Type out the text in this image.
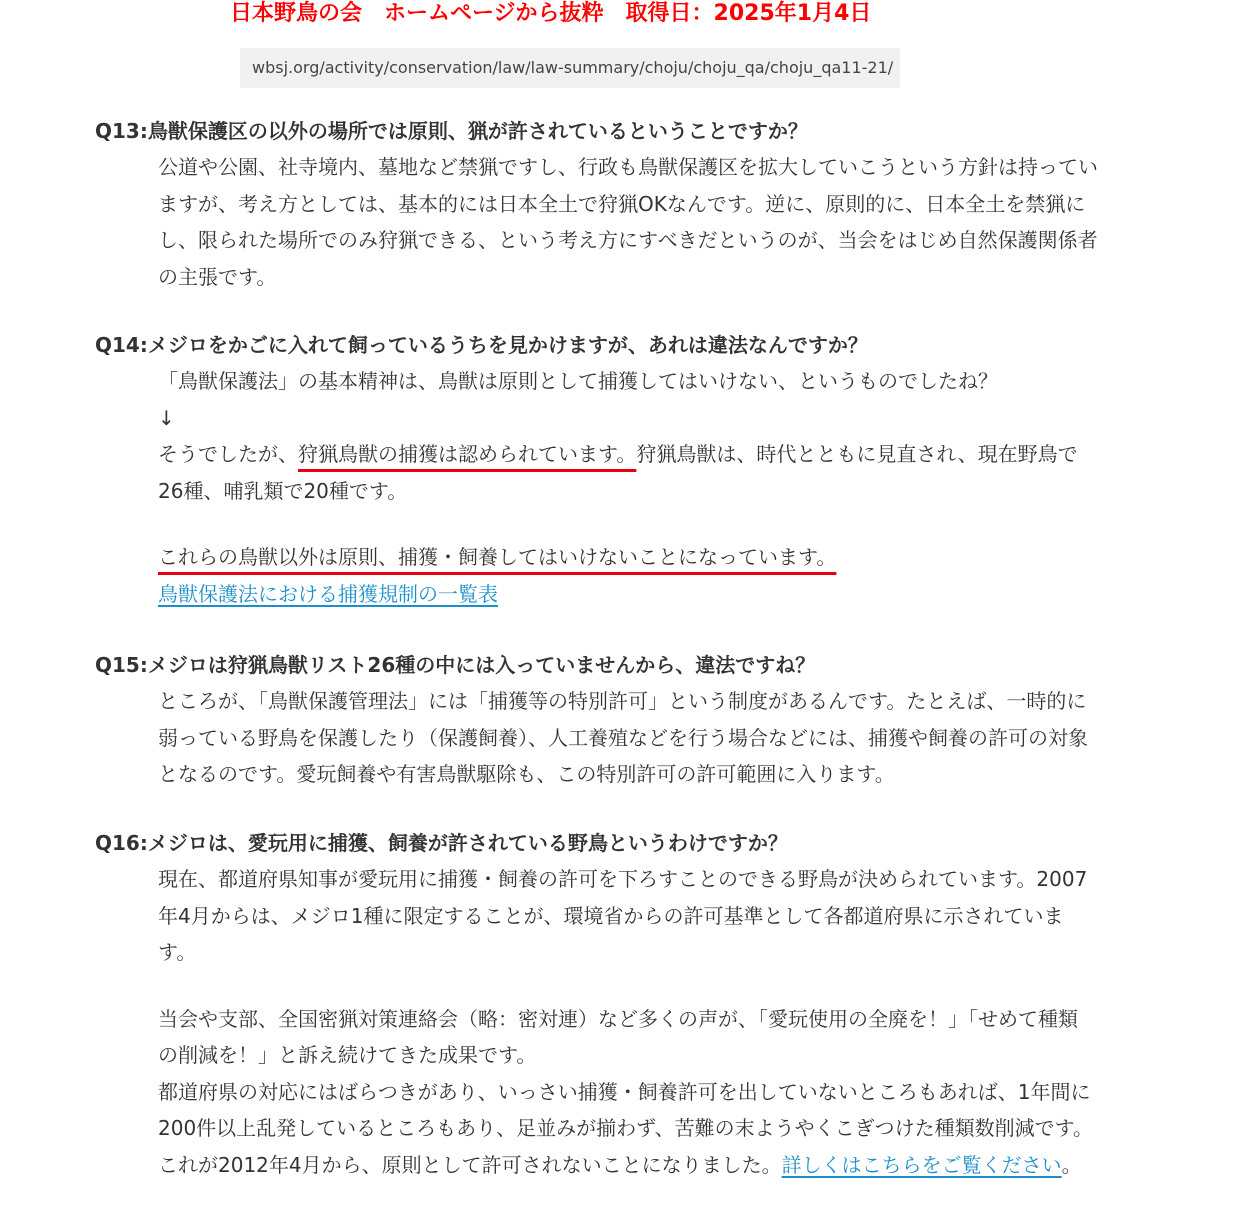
日本野鳥の会　ホームページから抜粋　取得日：2025年1月4日
wbsj.org/activity/conservation/law/law-summary/choju/choju_qa/choju_qa11-21/
Q13:鳥獣保護区の以外の場所では原則、猟が許されているということですか？
公道や公園、社寺境内、墓地など禁猟ですし、行政も鳥獣保護区を拡大していこうという方針は持ってい
ますが、考え方としては、基本的には日本全土で狩猟OKなんです。逆に、原則的に、日本全土を禁猟に
し、限られた場所でのみ狩猟できる、という考え方にすべきだというのが、当会をはじめ自然保護関係者
の主張です。
Q14:メジロをかごに入れて飼っているうちを見かけますが、あれは違法なんですか？
「鳥獣保護法」の基本精神は、鳥獣は原則として捕獲してはいけない、というものでしたね？
↓
そうでしたが、狩猟鳥獣の捕獲は認められています。狩猟鳥獣は、時代とともに見直され、現在野鳥で
26種、哺乳類で20種です。
これらの鳥獣以外は原則、捕獲・飼養してはいけないことになっています。
鳥獣保護法における捕獲規制の一覧表
Q15:メジロは狩猟鳥獣リスト26種の中には入っていませんから、違法ですね？
ところが、「鳥獣保護管理法」には「捕獲等の特別許可」という制度があるんです。たとえば、一時的に
弱っている野鳥を保護したり（保護飼養）、人工養殖などを行う場合などには、捕獲や飼養の許可の対象
となるのです。愛玩飼養や有害鳥獣駆除も、この特別許可の許可範囲に入ります。
Q16:メジロは、愛玩用に捕獲、飼養が許されている野鳥というわけですか？
現在、都道府県知事が愛玩用に捕獲・飼養の許可を下ろすことのできる野鳥が決められています。2007
年4月からは、メジロ1種に限定することが、環境省からの許可基準として各都道府県に示されていま
す。
当会や支部、全国密猟対策連絡会（略：密対連）など多くの声が、「愛玩使用の全廃を！」「せめて種類
の削減を！」と訴え続けてきた成果です。
都道府県の対応にはばらつきがあり、いっさい捕獲・飼養許可を出していないところもあれば、1年間に
200件以上乱発しているところもあり、足並みが揃わず、苦難の末ようやくこぎつけた種類数削減です。
これが2012年4月から、原則として許可されないことになりました。詳しくはこちらをご覧ください。
